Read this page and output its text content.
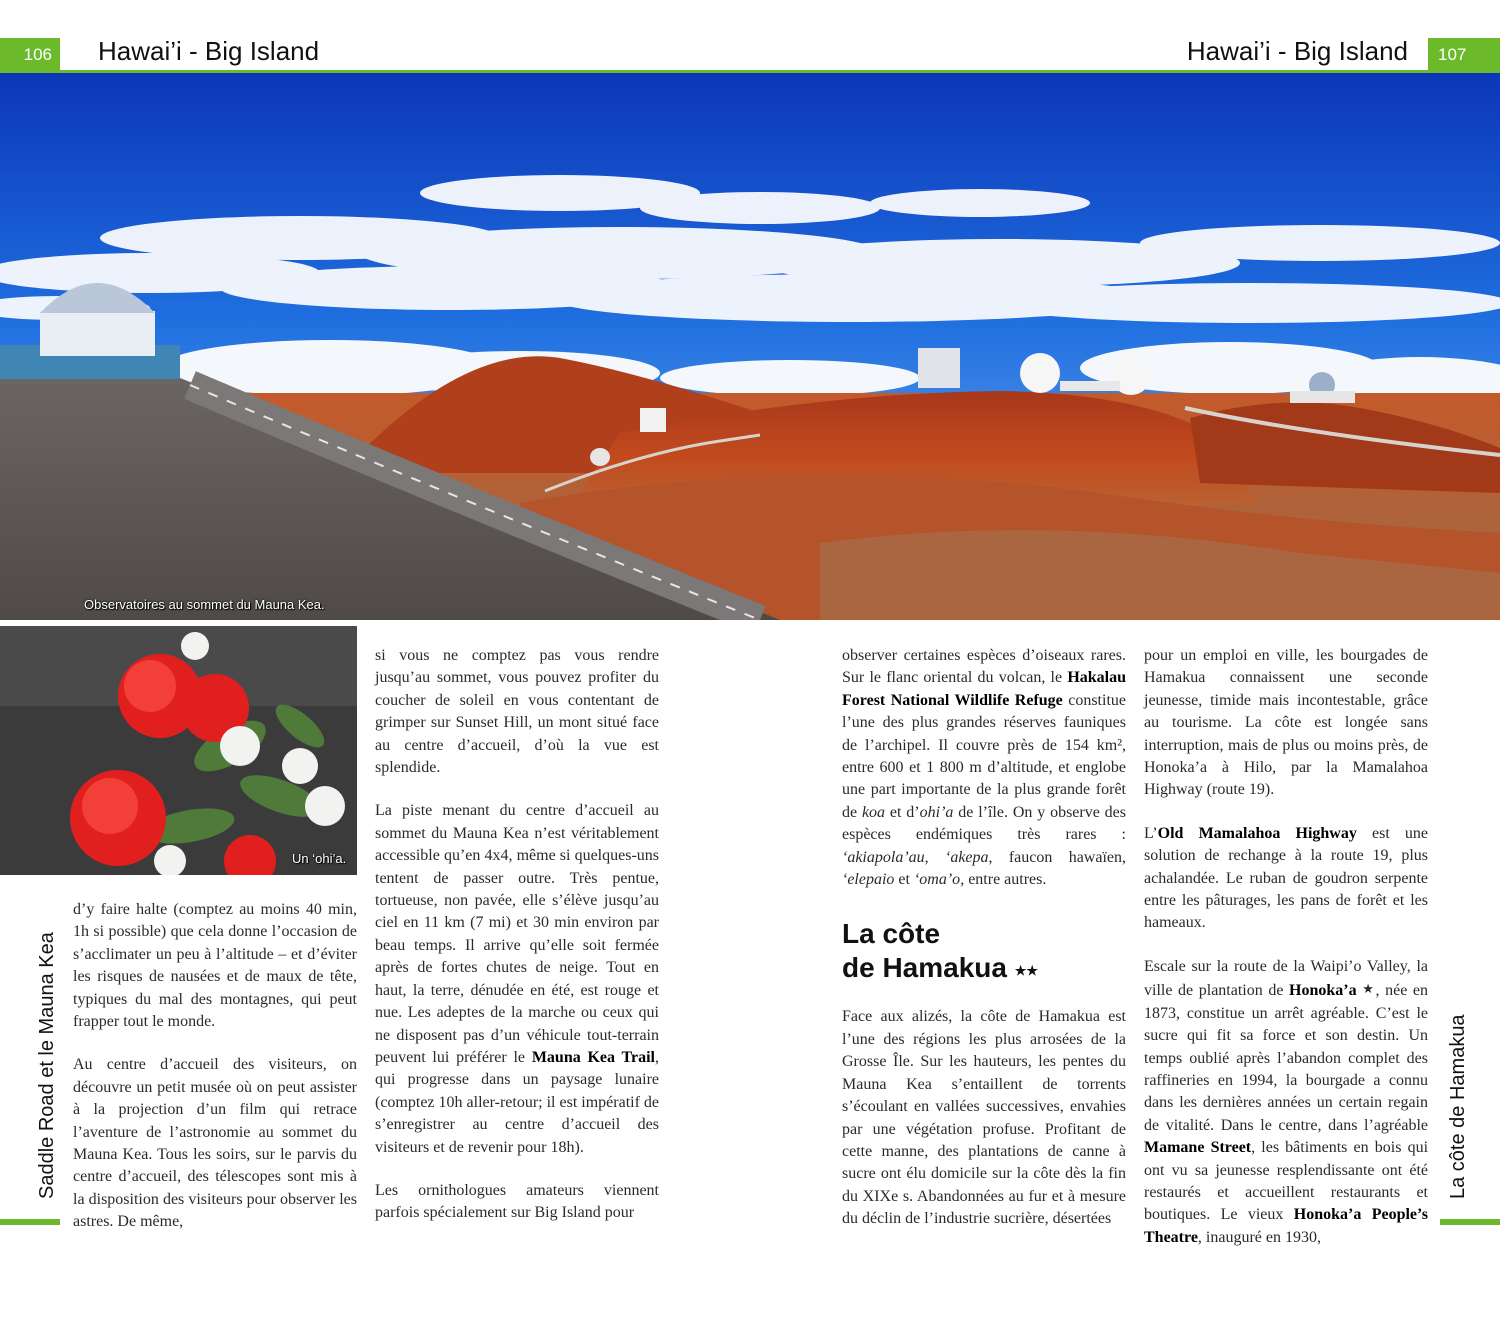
106	Hawai’i - Big Island	Hawai’i - Big Island	107
Observatoires au sommet du Mauna Kea.
Un ‘ohi’a.
Saddle Road et le Mauna Kea	La côte de Hamakua

d’y faire halte (comptez au moins 40 min, 1h si possible) que cela donne l’occasion de s’acclimater un peu à l’altitude – et d’éviter les risques de nausées et de maux de tête, typiques du mal des montagnes, qui peut frapper tout le monde.

Au centre d’accueil des visiteurs, on découvre un petit musée où on peut assister à la projection d’un film qui retrace l’aventure de l’astronomie au sommet du Mauna Kea. Tous les soirs, sur le parvis du centre d’accueil, des télescopes sont mis à la disposition des visiteurs pour observer les astres. De même,

si vous ne comptez pas vous rendre jusqu’au sommet, vous pouvez profiter du coucher de soleil en vous contentant de grimper sur Sunset Hill, un mont situé face au centre d’accueil, d’où la vue est splendide.

La piste menant du centre d’accueil au sommet du Mauna Kea n’est véritablement accessible qu’en 4x4, même si quelques-uns tentent de passer outre. Très pentue, tortueuse, non pavée, elle s’élève jusqu’au ciel en 11 km (7 mi) et 30 min environ par beau temps. Il arrive qu’elle soit fermée après de fortes chutes de neige. Tout en haut, la terre, dénudée en été, est rouge et nue. Les adeptes de la marche ou ceux qui ne disposent pas d’un véhicule tout-terrain peuvent lui préférer le Mauna Kea Trail, qui progresse dans un paysage lunaire (comptez 10h aller-retour; il est impératif de s’enregistrer au centre d’accueil des visiteurs et de revenir pour 18h).

Les ornithologues amateurs viennent parfois spécialement sur Big Island pour

observer certaines espèces d’oiseaux rares. Sur le flanc oriental du volcan, le Hakalau Forest National Wildlife Refuge constitue l’une des plus grandes réserves fauniques de l’archipel. Il couvre près de 154 km², entre 600 et 1 800 m d’altitude, et englobe une part importante de la plus grande forêt de koa et d’ohi’a de l’île. On y observe des espèces endémiques très rares : ‘akiapola’au, ‘akepa, faucon hawaïen, ‘elepaio et ‘oma’o, entre autres.

La côte
de Hamakua ★★

Face aux alizés, la côte de Hamakua est l’une des régions les plus arrosées de la Grosse Île. Sur les hauteurs, les pentes du Mauna Kea s’entaillent de torrents s’écoulant en vallées successives, envahies par une végétation profuse. Profitant de cette manne, des plantations de canne à sucre ont élu domicile sur la côte dès la fin du XIXe s. Abandonnées au fur et à mesure du déclin de l’industrie sucrière, désertées

pour un emploi en ville, les bourgades de Hamakua connaissent une seconde jeunesse, timide mais incontestable, grâce au tourisme. La côte est longée sans interruption, mais de plus ou moins près, de Honoka’a à Hilo, par la Mamalahoa Highway (route 19).

L’Old Mamalahoa Highway est une solution de rechange à la route 19, plus achalandée. Le ruban de goudron serpente entre les pâturages, les pans de forêt et les hameaux.

Escale sur la route de la Waipi’o Valley, la ville de plantation de Honoka’a ★, née en 1873, constitue un arrêt agréable. C’est le sucre qui fit sa force et son destin. Un temps oublié après l’abandon complet des raffineries en 1994, la bourgade a connu dans les dernières années un certain regain de vitalité. Dans le centre, dans l’agréable Mamane Street, les bâtiments en bois qui ont vu sa jeunesse resplendissante ont été restaurés et accueillent restaurants et boutiques. Le vieux Honoka’a People’s Theatre, inauguré en 1930,
